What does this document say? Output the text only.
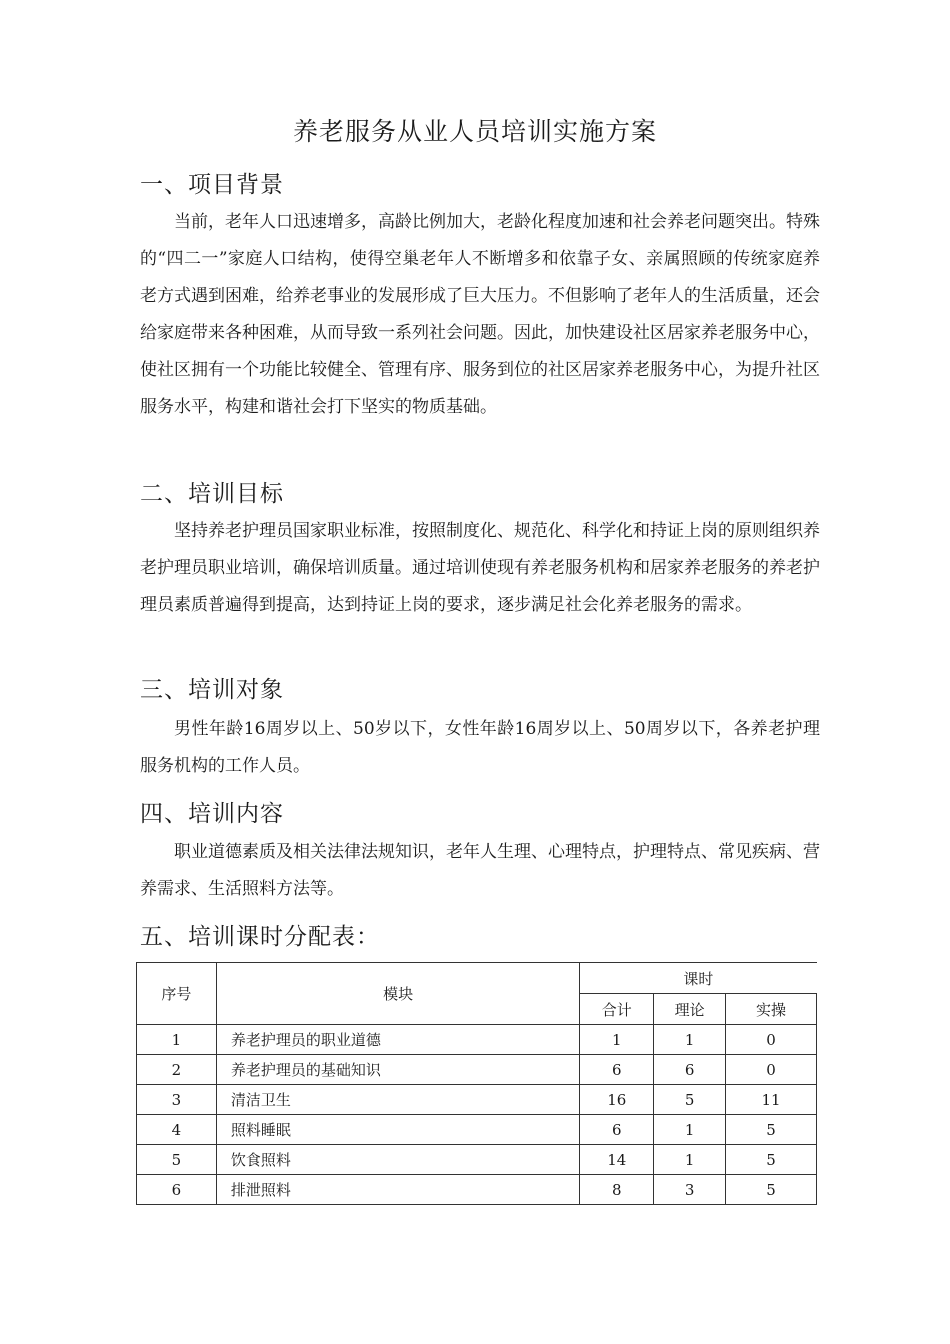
养老服务从业人员培训实施方案
一、项目背景
当前，老年人口迅速增多，高龄比例加大，老龄化程度加速和社会养老问题突出。特殊的“四二一”家庭人口结构，使得空巢老年人不断增多和依靠子女、亲属照顾的传统家庭养老方式遇到困难，给养老事业的发展形成了巨大压力。不但影响了老年人的生活质量，还会给家庭带来各种困难，从而导致一系列社会问题。因此，加快建设社区居家养老服务中心，使社区拥有一个功能比较健全、管理有序、服务到位的社区居家养老服务中心，为提升社区服务水平，构建和谐社会打下坚实的物质基础。
二、培训目标
坚持养老护理员国家职业标准，按照制度化、规范化、科学化和持证上岗的原则组织养老护理员职业培训，确保培训质量。通过培训使现有养老服务机构和居家养老服务的养老护理员素质普遍得到提高，达到持证上岗的要求，逐步满足社会化养老服务的需求。
三、培训对象
男性年龄16周岁以上、50岁以下，女性年龄16周岁以上、50周岁以下，各养老护理服务机构的工作人员。
四、培训内容
职业道德素质及相关法律法规知识，老年人生理、心理特点，护理特点、常见疾病、营养需求、生活照料方法等。
五、培训课时分配表：
序号	模块	课时		
		合计	理论	实操
1	养老护理员的职业道德	1	1	0
2	养老护理员的基础知识	6	6	0
3	清洁卫生	16	5	11
4	照料睡眠	6	1	5
5	饮食照料	14	1	5
6	排泄照料	8	3	5
